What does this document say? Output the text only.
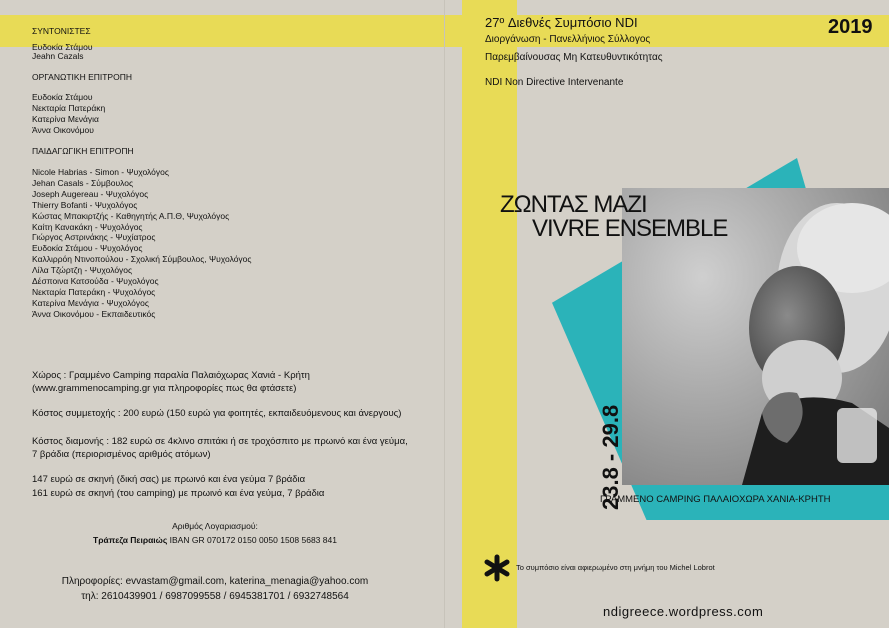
ΣΥΝΤΟΝΙΣΤΕΣ
Ευδοκία Στάμου
Jeahn Cazals
ΟΡΓΑΝΩΤΙΚΗ ΕΠΙΤΡΟΠΗ
Ευδοκία Στάμου
Νεκταρία Πατεράκη
Κατερίνα Μενάγια
Άννα Οικονόμου
ΠΑΙΔΑΓΩΓΙΚΗ ΕΠΙΤΡΟΠΗ
Nicole Habrias - Simon - Ψυχολόγος
Jehan Casals - Σύμβουλος
Joseph Augereau - Ψυχολόγος
Thierry Bofanti - Ψυχολόγος
Κώστας Μπακιρτζής - Καθηγητής Α.Π.Θ, Ψυχολόγος
Καίτη Κανακάκη - Ψυχολόγος
Γιώργος Αστρινάκης - Ψυχίατρος
Ευδοκία Στάμου - Ψυχολόγος
Καλλιρρόη Ντινοπούλου - Σχολική Σύμβουλος, Ψυχολόγος
Λίλα Τζώρτζη - Ψυχολόγος
Δέσποινα Κατσούδα - Ψυχολόγος
Νεκταρία Πατεράκη - Ψυχολόγος
Κατερίνα Μενάγια - Ψυχολόγος
Άννα Οικονόμου - Εκπαιδευτικός
Χώρος : Γραμμένο Camping παραλία Παλαιόχωρας Χανιά - Κρήτη
(www.grammenocamping.gr για πληροφορίες πως θα φτάσετε)
Κόστος συμμετοχής : 200 ευρώ (150 ευρώ για φοιτητές, εκπαιδευόμενους και άνεργους)
Κόστος διαμονής : 182 ευρώ σε 4κλινο σπιτάκι ή σε τροχόσπιτο με πρωινό και ένα γεύμα,
7 βράδια (περιορισμένος αριθμός ατόμων)
147 ευρώ σε σκηνή (δική σας) με πρωινό και ένα γεύμα 7 βράδια
161 ευρώ σε σκηνή (του camping) με πρωινό και ένα γεύμα, 7 βράδια
Αριθμός Λογαριασμού:
Τράπεζα Πειραιώς IBAN GR 070172 0150 0050 1508 5683 841
Πληροφορίες: evvastam@gmail.com, katerina_menagia@yahoo.com
τηλ: 2610439901 / 6987099558 / 6945381701 / 6932748564
27º Διεθνές Συμπόσιο NDI
Διοργάνωση - Πανελλήνιος Σύλλογος
Παρεμβαίνουσας Μη Κατευθυντικότητας
NDI Non Directive Intervenante
2019
ΖΩΝΤΑΣ ΜΑΖΙ
VIVRE ENSEMBLE
23.8 - 29.8
ΓΡΑΜΜΕΝΟ CAMPING ΠΑΛΑΙΟΧΩΡΑ ΧΑΝΙΑ-ΚΡΗΤΗ
Το συμπόσιο είναι αφιερωμένο στη μνήμη του Michel Lobrot
ndigreece.wordpress.com
